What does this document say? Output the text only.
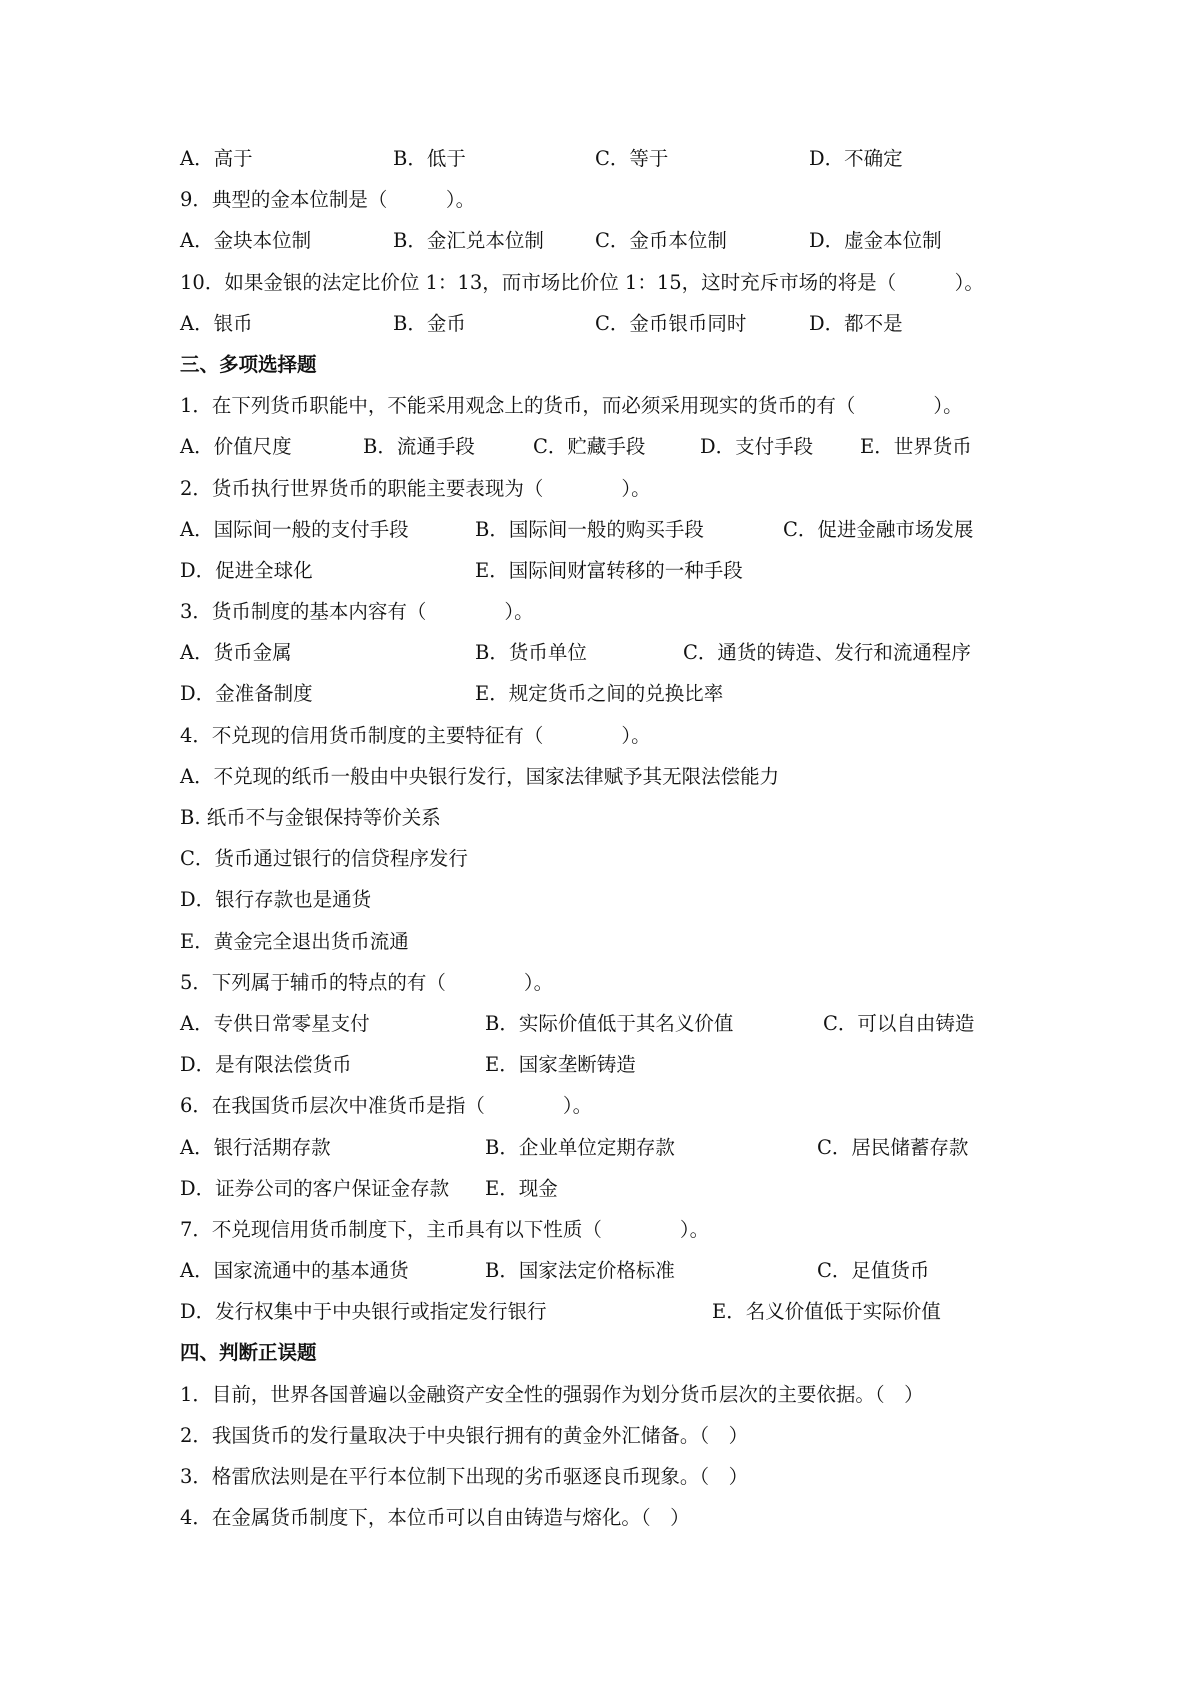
A．高于	B．低于	C．等于	D．不确定
9．典型的金本位制是（　　　）。
A．金块本位制	B．金汇兑本位制	C．金币本位制	D．虚金本位制
10．如果金银的法定比价位 1：13，而市场比价位 1：15，这时充斥市场的将是（　　　）。
A．银币	B．金币	C．金币银币同时	D．都不是
三、多项选择题
1．在下列货币职能中，不能采用观念上的货币，而必须采用现实的货币的有（　　　　）。
A．价值尺度	B．流通手段	C．贮藏手段	D．支付手段 E．世界货币
2．货币执行世界货币的职能主要表现为（　　　　）。
A．国际间一般的支付手段	B．国际间一般的购买手段	C．促进金融市场发展
D．促进全球化	E．国际间财富转移的一种手段
3．货币制度的基本内容有（　　　　）。
A．货币金属	B．货币单位	C．通货的铸造、发行和流通程序
D．金准备制度	E．规定货币之间的兑换比率
4．不兑现的信用货币制度的主要特征有（　　　　）。
A．不兑现的纸币一般由中央银行发行，国家法律赋予其无限法偿能力
B. 纸币不与金银保持等价关系
C．货币通过银行的信贷程序发行
D．银行存款也是通货
E．黄金完全退出货币流通
5．下列属于辅币的特点的有（　　　　）。
A．专供日常零星支付	B．实际价值低于其名义价值	C．可以自由铸造
D．是有限法偿货币	E．国家垄断铸造
6．在我国货币层次中准货币是指（　　　　）。
A．银行活期存款	B．企业单位定期存款	C．居民储蓄存款
D．证券公司的客户保证金存款 E．现金
7．不兑现信用货币制度下，主币具有以下性质（　　　　）。
A．国家流通中的基本通货	B．国家法定价格标准	C．足值货币
D．发行权集中于中央银行或指定发行银行	E．名义价值低于实际价值
四、判断正误题
1．目前，世界各国普遍以金融资产安全性的强弱作为划分货币层次的主要依据。（　）
2．我国货币的发行量取决于中央银行拥有的黄金外汇储备。（　）
3．格雷欣法则是在平行本位制下出现的劣币驱逐良币现象。（　）
4．在金属货币制度下，本位币可以自由铸造与熔化。（　）
